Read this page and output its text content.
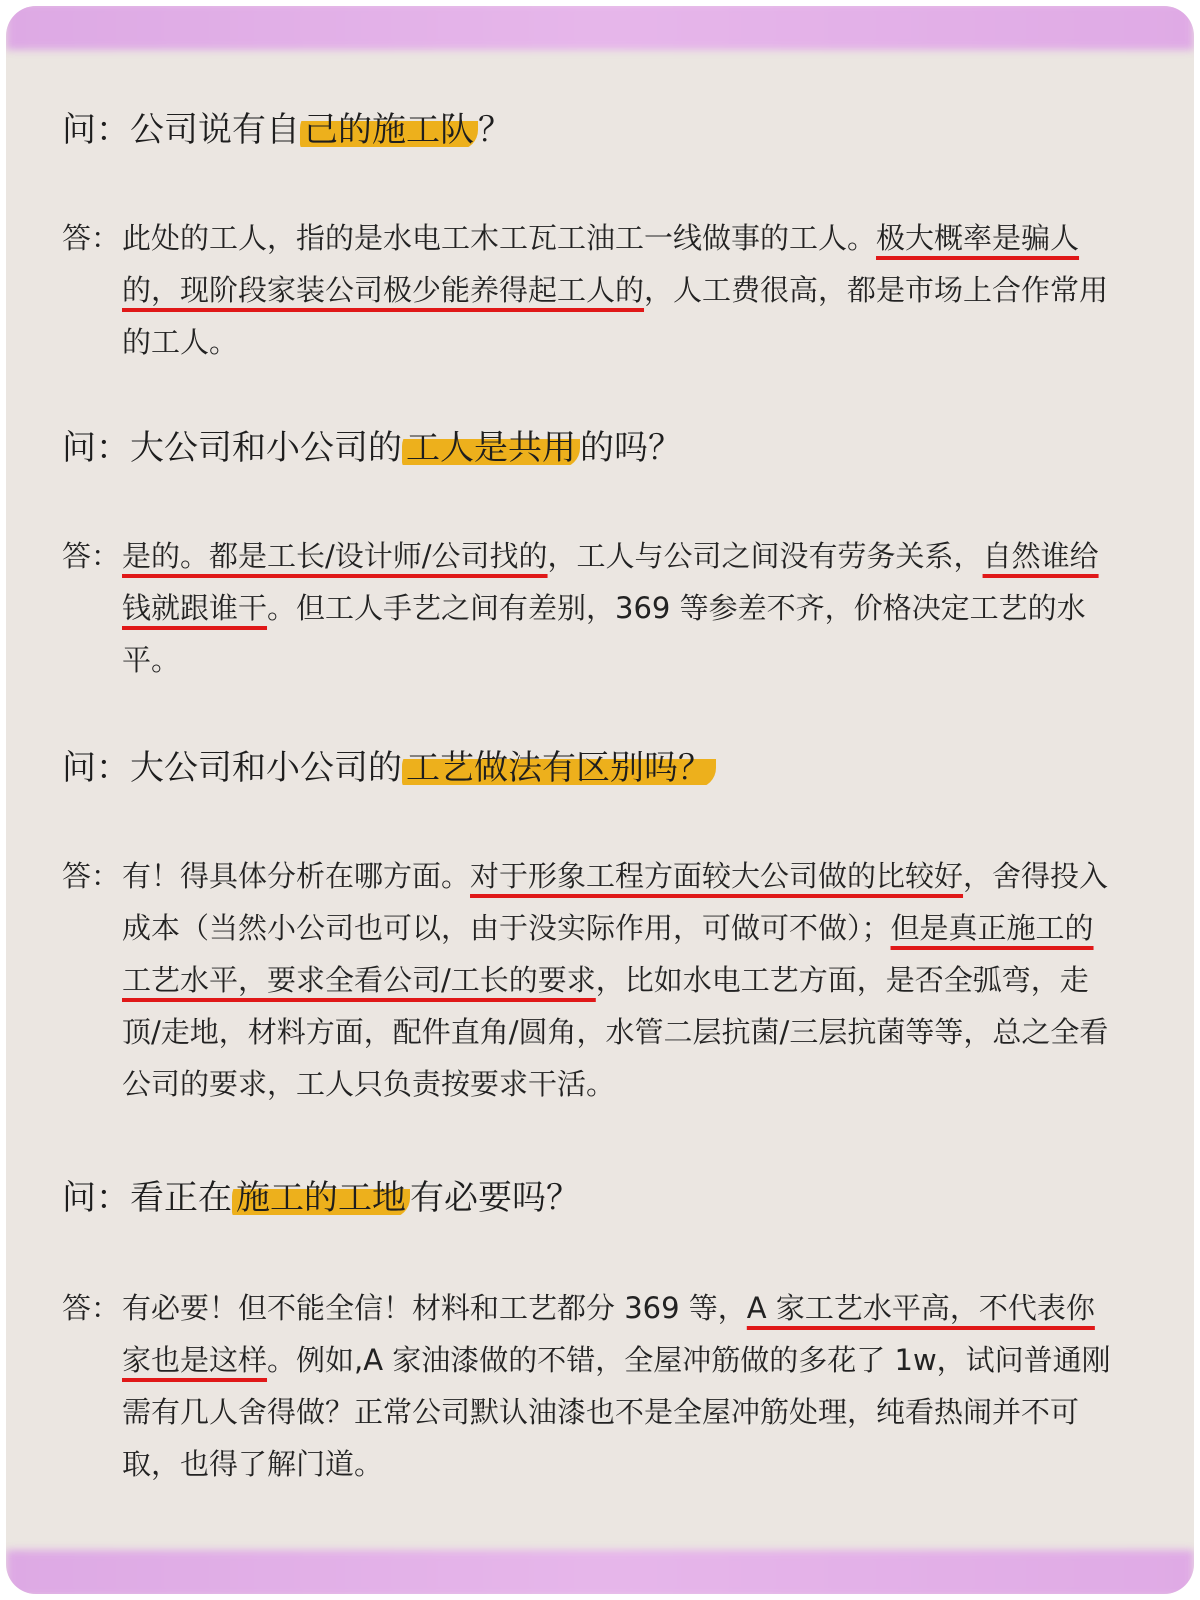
问：公司说有自 己的施工队 ？
答： 此处的工人，指的是水电工木工瓦工油工一线做事的工人。极大概率是骗人的，现阶段家装公司极少能养得起工人的，人工费很高，都是市场上合作常用的工人。
问：大公司和小公司的 工人是共用 的吗？
答： 是的。都是工长/设计师/公司找的，工人与公司之间没有劳务关系，自然谁给钱就跟谁干。但工人手艺之间有差别，369 等参差不齐，价格决定工艺的水平。
问：大公司和小公司的 工艺做法有区别吗？
答： 有！得具体分析在哪方面。对于形象工程方面较大公司做的比较好，舍得投入成本（当然小公司也可以，由于没实际作用，可做可不做）；但是真正施工的工艺水平，要求全看公司/工长的要求，比如水电工艺方面，是否全弧弯，走顶/走地，材料方面，配件直角/圆角，水管二层抗菌/三层抗菌等等，总之全看公司的要求，工人只负责按要求干活。
问：看正在 施工的工地 有必要吗？
答： 有必要！但不能全信！材料和工艺都分 369 等，A 家工艺水平高，不代表你家也是这样。例如,A 家油漆做的不错，全屋冲筋做的多花了 1w，试问普通刚需有几人舍得做？正常公司默认油漆也不是全屋冲筋处理，纯看热闹并不可取，也得了解门道。
